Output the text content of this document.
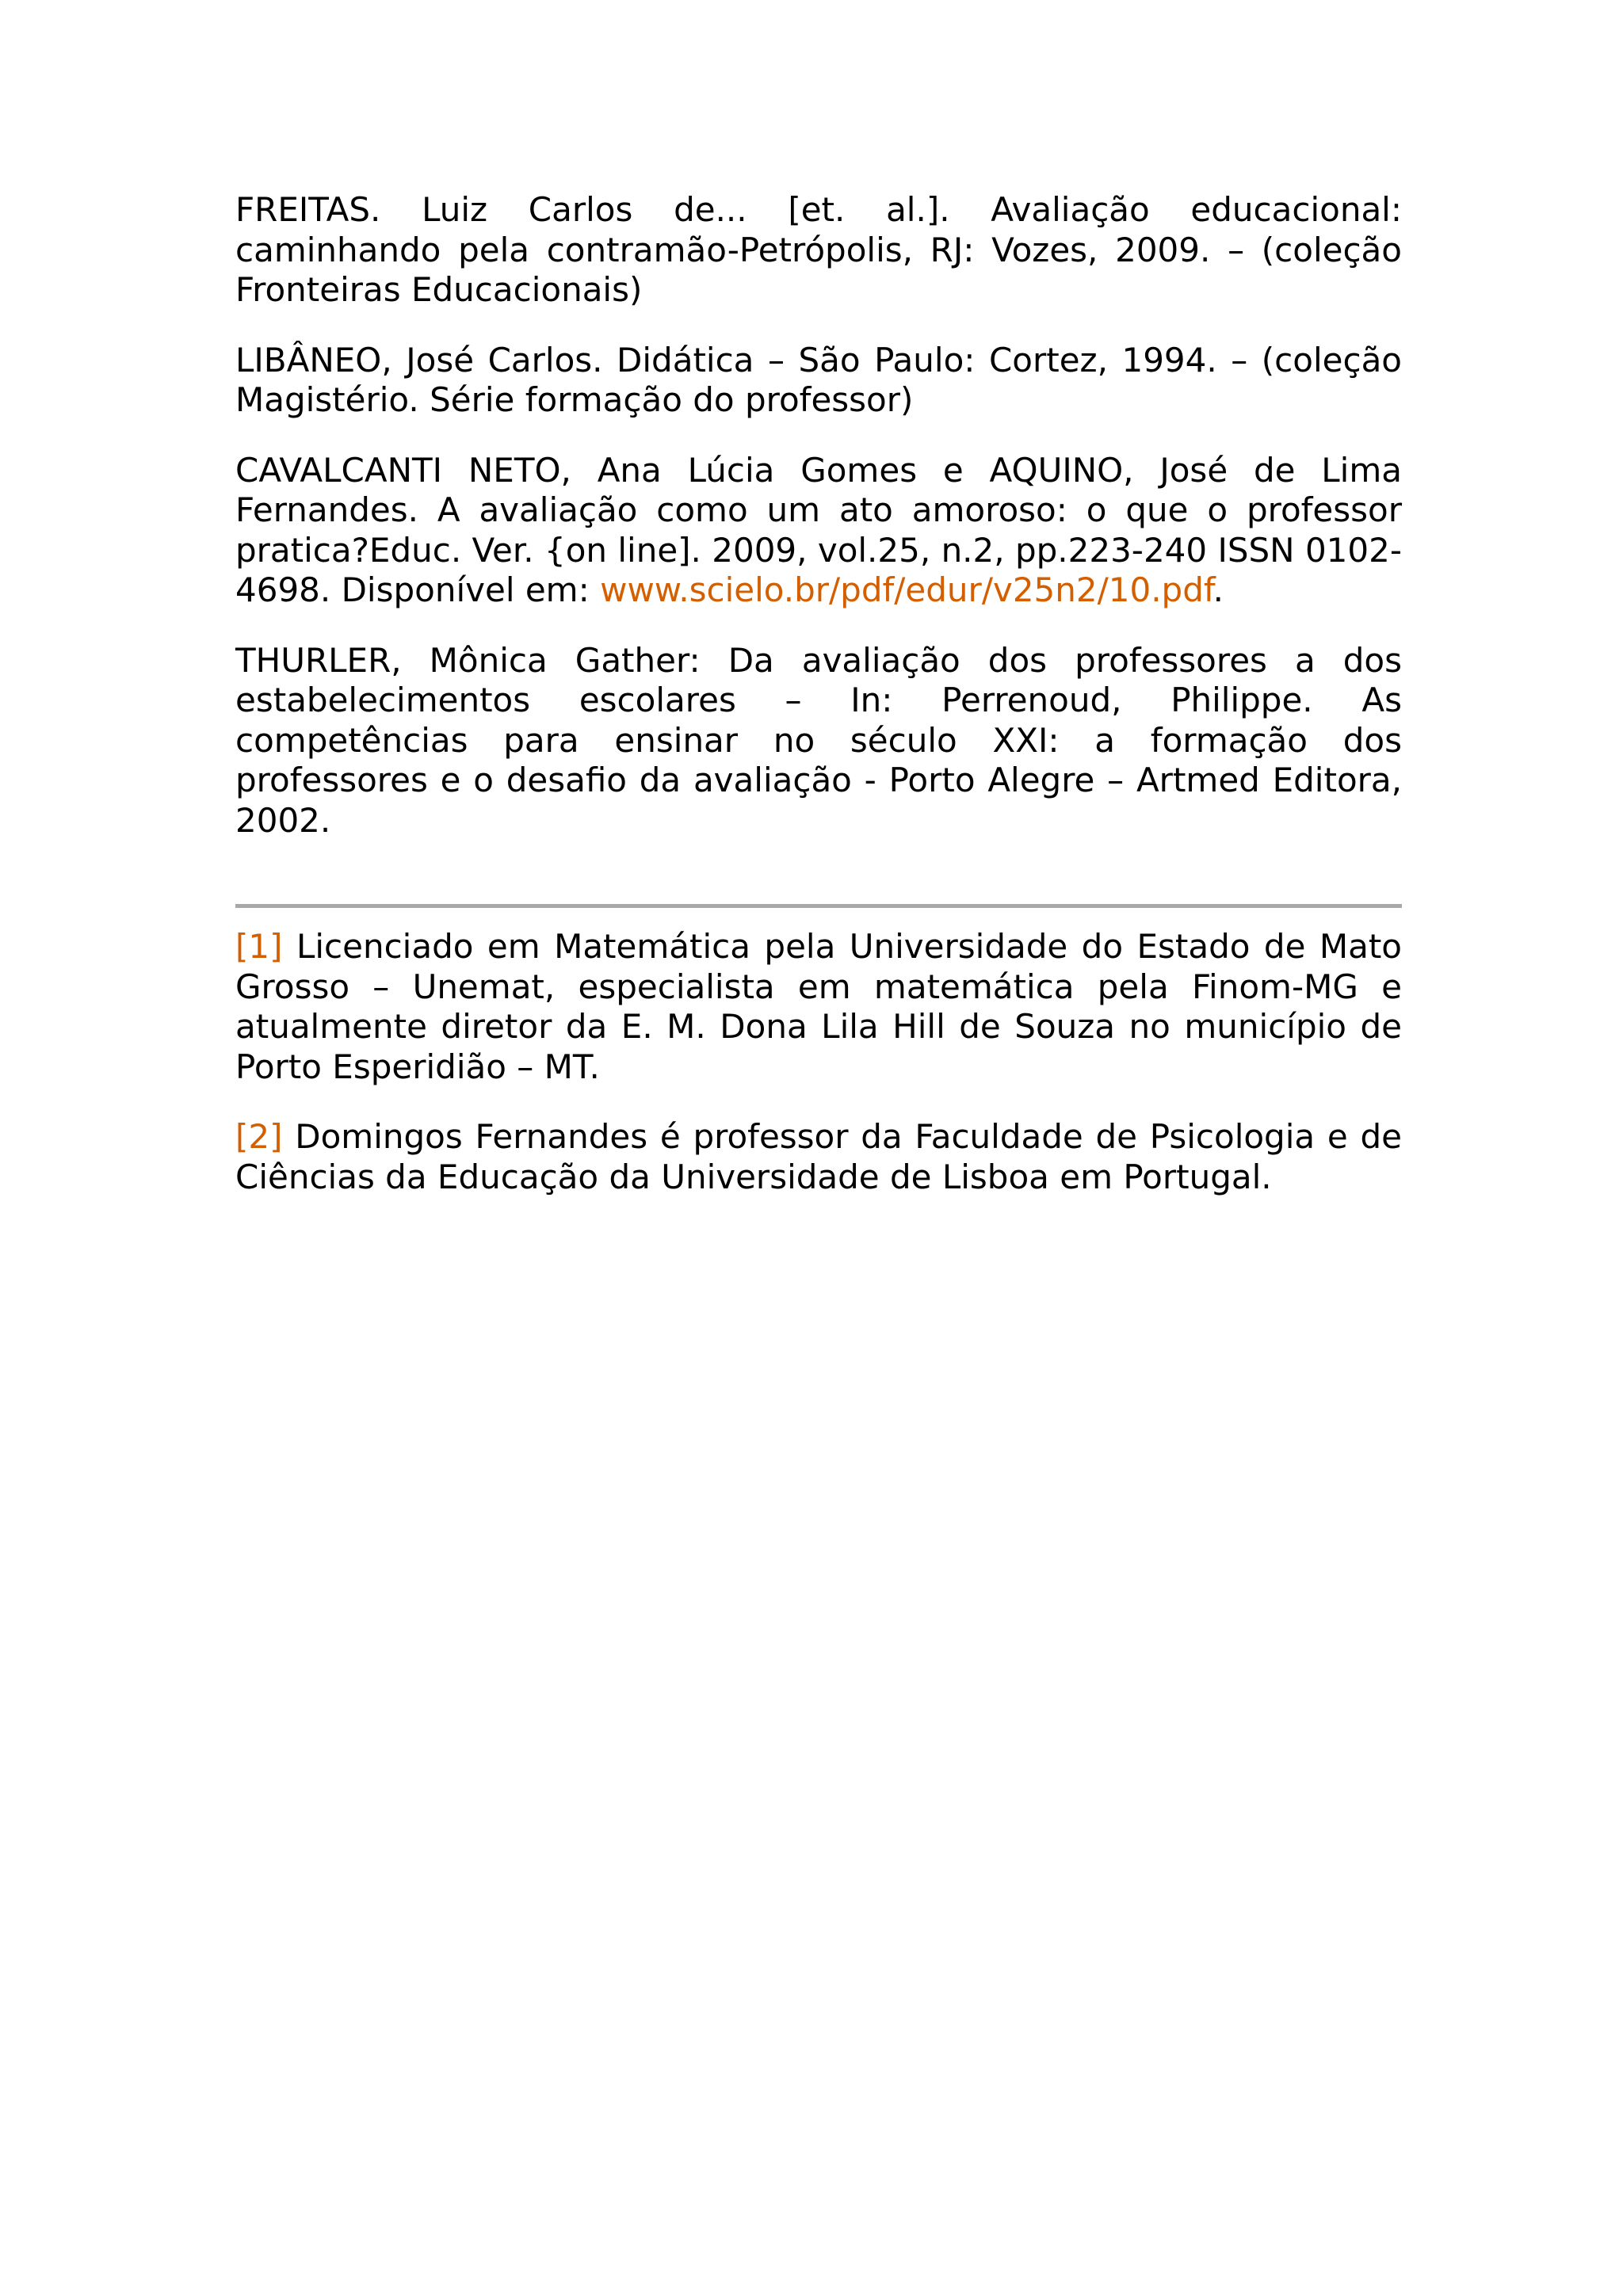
FREITAS. Luiz Carlos de... [et. al.]. Avaliação educacional: caminhando pela contramão-Petrópolis, RJ: Vozes, 2009. – (coleção Fronteiras Educacionais)

LIBÂNEO, José Carlos. Didática – São Paulo: Cortez, 1994. – (coleção Magistério. Série formação do professor)

CAVALCANTI NETO, Ana Lúcia Gomes e AQUINO, José de Lima Fernandes. A avaliação como um ato amoroso: o que o professor pratica?Educ. Ver. {on line]. 2009, vol.25, n.2, pp.223-240 ISSN 0102-4698. Disponível em: www.scielo.br/pdf/edur/v25n2/10.pdf.

THURLER, Mônica Gather: Da avaliação dos professores a dos estabelecimentos escolares – In: Perrenoud, Philippe. As competências para ensinar no século XXI: a formação dos professores e o desafio da avaliação - Porto Alegre – Artmed Editora, 2002.

[1] Licenciado em Matemática pela Universidade do Estado de Mato Grosso – Unemat, especialista em matemática pela Finom-MG e atualmente diretor da E. M. Dona Lila Hill de Souza no município de Porto Esperidião – MT.

[2] Domingos Fernandes é professor da Faculdade de Psicologia e de Ciências da Educação da Universidade de Lisboa em Portugal.
